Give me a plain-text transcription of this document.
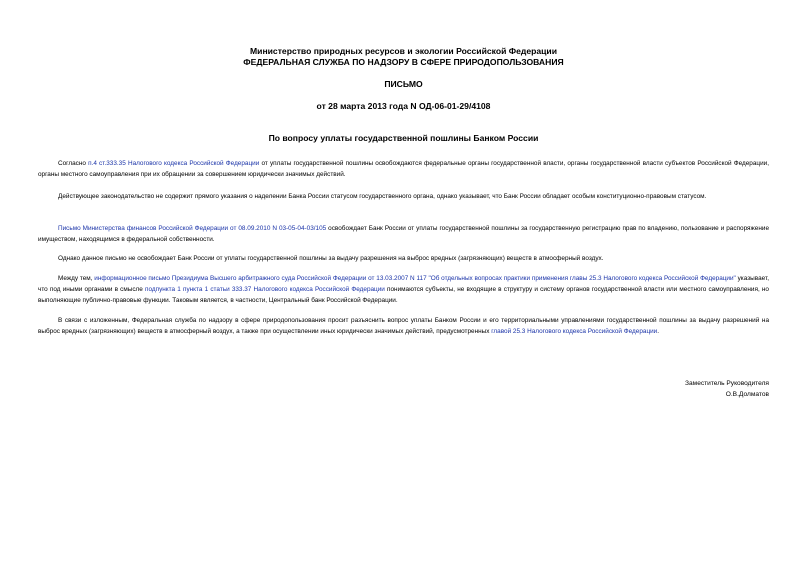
Министерство природных ресурсов и экологии Российской Федерации
ФЕДЕРАЛЬНАЯ СЛУЖБА ПО НАДЗОРУ В СФЕРЕ ПРИРОДОПОЛЬЗОВАНИЯ
ПИСЬМО
от 28 марта 2013 года N ОД-06-01-29/4108
По вопросу уплаты государственной пошлины Банком России
Согласно п.4 ст.333.35 Налогового кодекса Российской Федерации от уплаты государственной пошлины освобождаются федеральные органы государственной власти, органы государственной власти субъектов Российской Федерации, органы местного самоуправления при их обращении за совершением юридически значимых действий.
Действующее законодательство не содержит прямого указания о наделении Банка России статусом государственного органа, однако указывает, что Банк России обладает особым конституционно-правовым статусом.
Письмо Министерства финансов Российской Федерации от 08.09.2010 N 03-05-04-03/105 освобождает Банк России от уплаты государственной пошлины за государственную регистрацию прав по владению, пользование и распоряжение имуществом, находящимся в федеральной собственности.
Однако данное письмо не освобождает Банк России от уплаты государственной пошлины за выдачу разрешения на выброс вредных (загрязняющих) веществ в атмосферный воздух.
Между тем, информационное письмо Президиума Высшего арбитражного суда Российской Федерации от 13.03.2007 N 117 "Об отдельных вопросах практики применения главы 25.3 Налогового кодекса Российской Федерации" указывает, что под иными органами в смысле подпункта 1 пункта 1 статьи 333.37 Налогового кодекса Российской Федерации понимаются субъекты, не входящие в структуру и систему органов государственной власти или местного самоуправления, но выполняющие публично-правовые функции. Таковым является, в частности, Центральный банк Российской Федерации.
В связи с изложенным, Федеральная служба по надзору в сфере природопользования просит разъяснить вопрос уплаты Банком России и его территориальными управлениями государственной пошлины за выдачу разрешений на выброс вредных (загрязняющих) веществ в атмосферный воздух, а также при осуществлении иных юридически значимых действий, предусмотренных главой 25.3 Налогового кодекса Российской Федерации.
Заместитель Руководителя
О.В.Долматов
